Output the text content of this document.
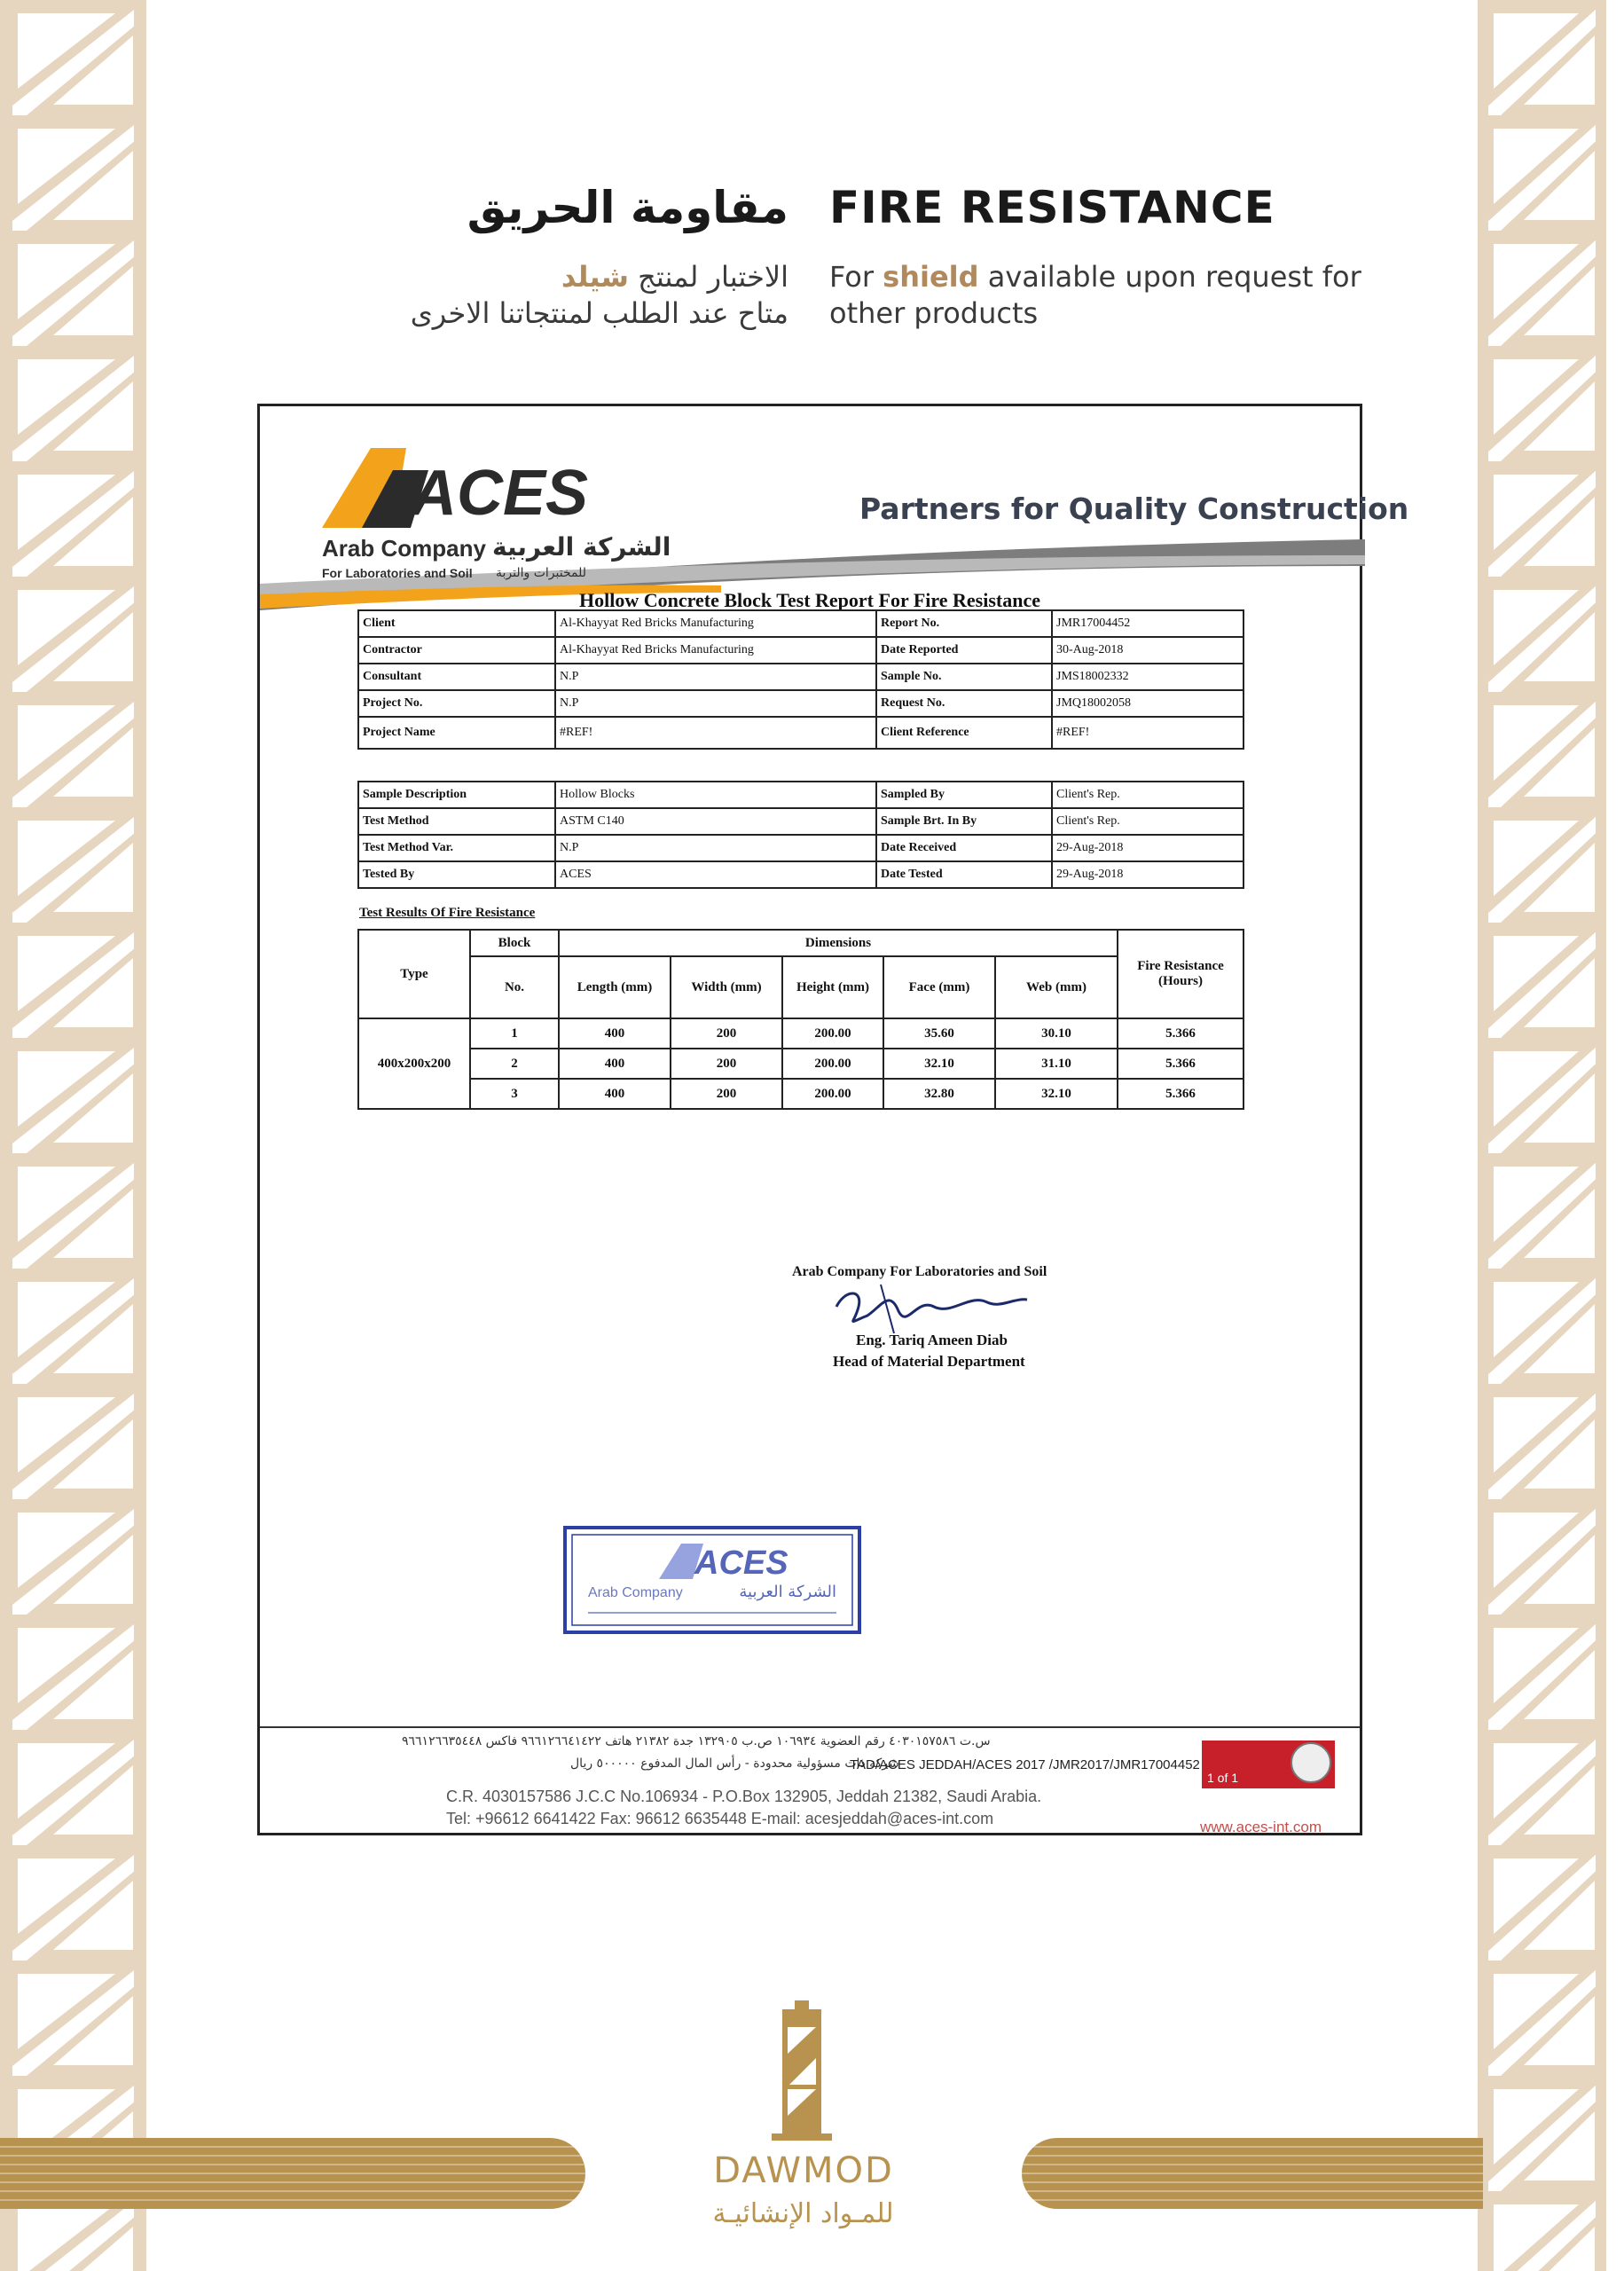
FIRE RESISTANCE
مقاومة الحريق
For shield available upon request for other products
الاختبار لمنتج شيلد
متاح عند الطلب لمنتجاتنا الاخرى
ACES
Arab Company
For Laboratories and Soil
الشركة العربية
للمختبرات والتربة
Partners for Quality Construction
Hollow Concrete Block Test Report For Fire Resistance
Client	Al-Khayyat Red Bricks Manufacturing	Report No.	JMR17004452
Contractor	Al-Khayyat Red Bricks Manufacturing	Date Reported	30-Aug-2018
Consultant	N.P	Sample No.	JMS18002332
Project No.	N.P	Request No.	JMQ18002058
Project Name	#REF!	Client Reference	#REF!
Sample Description	Hollow Blocks	Sampled By	Client's Rep.
Test Method	ASTM C140	Sample Brt. In By	Client's Rep.
Test Method Var.	N.P	Date Received	29-Aug-2018
Tested By	ACES	Date Tested	29-Aug-2018
Test Results Of Fire Resistance
Type	Block	Dimensions					Fire Resistance (Hours)
	No.	Length (mm)	Width (mm)	Height (mm)	Face (mm)	Web (mm)	
400x200x200	1	400	200	200.00	35.60	30.10	5.366
	2	400	200	200.00	32.10	31.10	5.366
	3	400	200	200.00	32.80	32.10	5.366
Arab Company For Laboratories and Soil
Eng. Tariq Ameen Diab
Head of Material Department
ACES
Arab Company	الشركة العربية
س.ت ٤٠٣٠١٥٧٥٨٦ رقم العضوية ١٠٦٩٣٤ ص.ب ١٣٢٩٠٥ جدة ٢١٣٨٢ هاتف ٩٦٦١٢٦٦٤١٤٢٢ فاكس ٩٦٦١٢٦٦٣٥٤٤٨
شركة ذات مسؤولية محدودة - رأس المال المدفوع ٥٠٠٠٠٠ ريال
TAD/ACES JEDDAH/ACES 2017 /JMR2017/JMR17004452
C.R. 4030157586 J.C.C No.106934 - P.O.Box 132905, Jeddah 21382, Saudi Arabia.
Tel: +96612 6641422 Fax: 96612 6635448 E-mail: acesjeddah@aces-int.com
1 of 1
www.aces-int.com
DAWMOD
للمـواد الإنشائيـة
